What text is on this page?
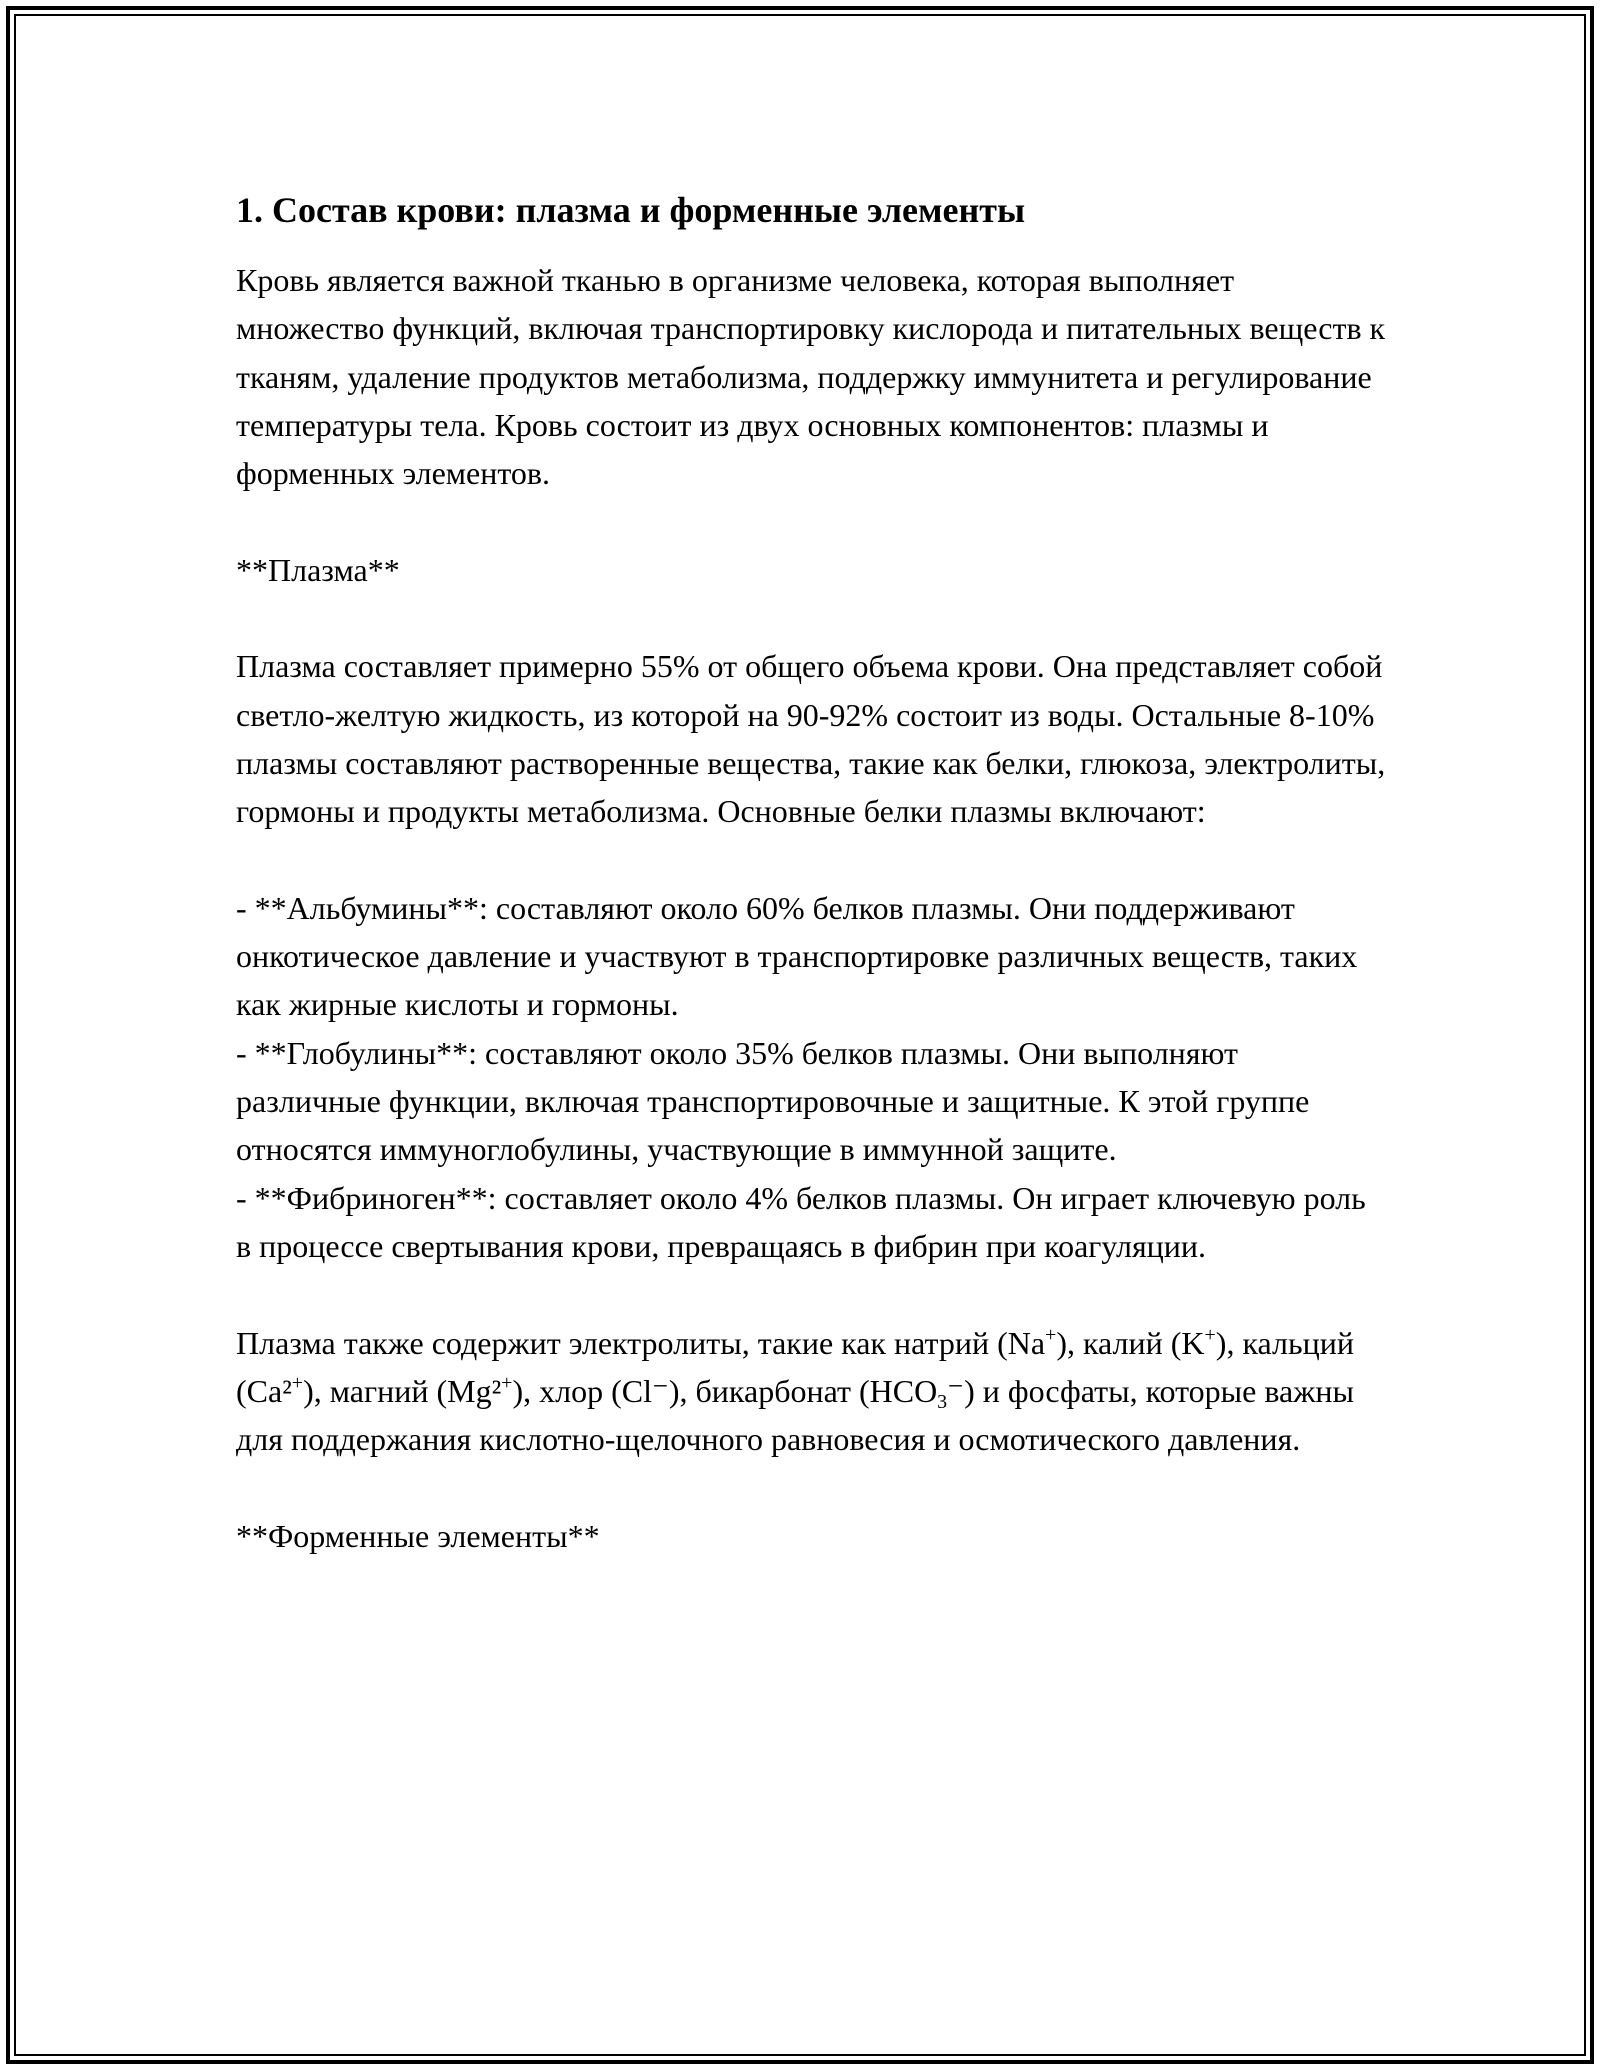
1. Состав крови: плазма и форменные элементы

Кровь является важной тканью в организме человека, которая выполняет множество функций, включая транспортировку кислорода и питательных веществ к тканям, удаление продуктов метаболизма, поддержку иммунитета и регулирование температуры тела. Кровь состоит из двух основных компонентов: плазмы и форменных элементов.

**Плазма**

Плазма составляет примерно 55% от общего объема крови. Она представляет собой светло-желтую жидкость, из которой на 90-92% состоит из воды. Остальные 8-10% плазмы составляют растворенные вещества, такие как белки, глюкоза, электролиты, гормоны и продукты метаболизма. Основные белки плазмы включают:

- **Альбумины**: составляют около 60% белков плазмы. Они поддерживают онкотическое давление и участвуют в транспортировке различных веществ, таких как жирные кислоты и гормоны.

- **Глобулины**: составляют около 35% белков плазмы. Они выполняют различные функции, включая транспортировочные и защитные. К этой группе относятся иммуноглобулины, участвующие в иммунной защите.

- **Фибриноген**: составляет около 4% белков плазмы. Он играет ключевую роль в процессе свертывания крови, превращаясь в фибрин при коагуляции.

Плазма также содержит электролиты, такие как натрий (Na+), калий (K+), кальций (Ca²+), магний (Mg²+), хлор (Cl⁻), бикарбонат $(HCO_3^-)$ и фосфаты, которые важны для поддержания кислотно-щелочного равновесия и осмотического давления.

**Форменные элементы**
